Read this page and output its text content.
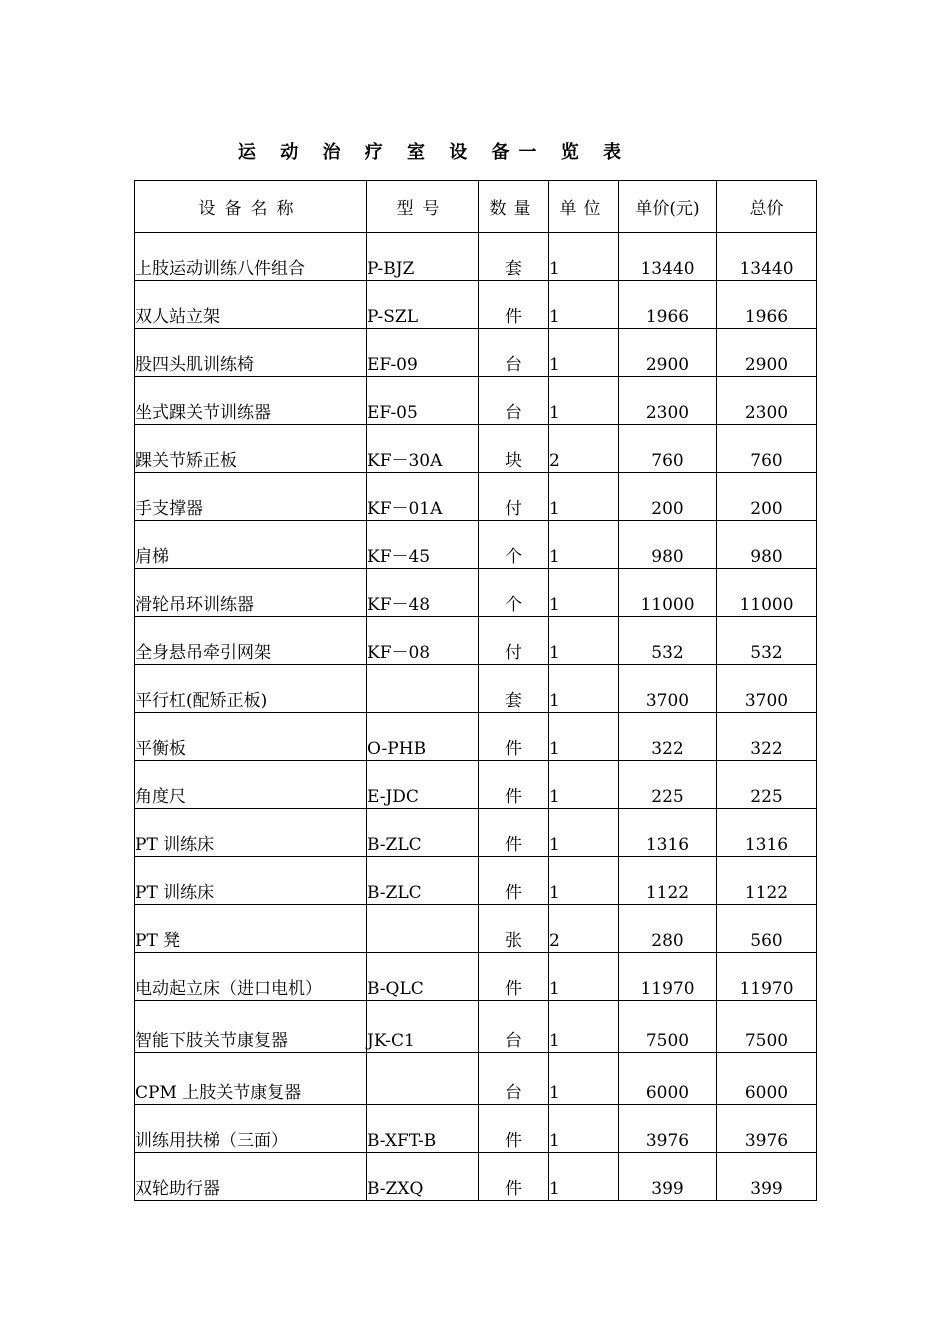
运 动 治 疗 室 设 备一 览 表
设备名称	型号	数量	单位	单价(元)	总价
上肢运动训练八件组合	P-BJZ	套	1	13440	13440
双人站立架	P-SZL	件	1	1966	1966
股四头肌训练椅	EF-09	台	1	2900	2900
坐式踝关节训练器	EF-05	台	1	2300	2300
踝关节矫正板	KF－30A	块	2	760	760
手支撑器	KF－01A	付	1	200	200
肩梯	KF－45	个	1	980	980
滑轮吊环训练器	KF－48	个	1	11000	11000
全身悬吊牵引网架	KF－08	付	1	532	532
平行杠(配矫正板)		套	1	3700	3700
平衡板	O-PHB	件	1	322	322
角度尺	E-JDC	件	1	225	225
PT 训练床	B-ZLC	件	1	1316	1316
PT 训练床	B-ZLC	件	1	1122	1122
PT 凳		张	2	280	560
电动起立床（进口电机）	B-QLC	件	1	11970	11970
智能下肢关节康复器	JK-C1	台	1	7500	7500
CPM 上肢关节康复器		台	1	6000	6000
训练用扶梯（三面）	B-XFT-B	件	1	3976	3976
双轮助行器	B-ZXQ	件	1	399	399
